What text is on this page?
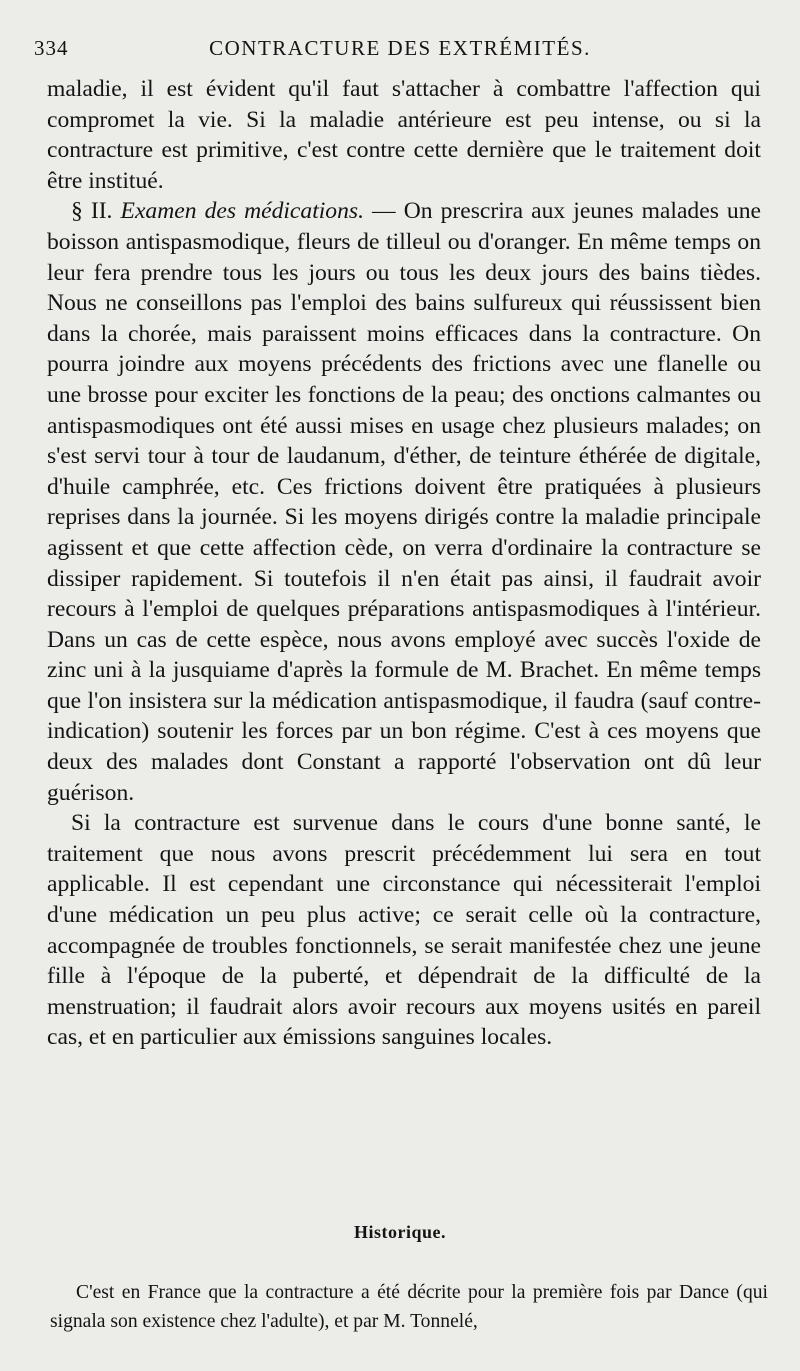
334	CONTRACTURE DES EXTRÉMITÉS.

maladie, il est évident qu'il faut s'attacher à combattre l'affection qui compromet la vie. Si la maladie antérieure est peu intense, ou si la contracture est primitive, c'est contre cette dernière que le traitement doit être institué.

§ II. Examen des médications. — On prescrira aux jeunes malades une boisson antispasmodique, fleurs de tilleul ou d'oranger. En même temps on leur fera prendre tous les jours ou tous les deux jours des bains tièdes. Nous ne conseillons pas l'emploi des bains sulfureux qui réussissent bien dans la chorée, mais paraissent moins efficaces dans la contracture. On pourra joindre aux moyens précédents des frictions avec une flanelle ou une brosse pour exciter les fonctions de la peau; des onctions calmantes ou antispasmodiques ont été aussi mises en usage chez plusieurs malades; on s'est servi tour à tour de laudanum, d'éther, de teinture éthérée de digitale, d'huile camphrée, etc. Ces frictions doivent être pratiquées à plusieurs reprises dans la journée. Si les moyens dirigés contre la maladie principale agissent et que cette affection cède, on verra d'ordinaire la contracture se dissiper rapidement. Si toutefois il n'en était pas ainsi, il faudrait avoir recours à l'emploi de quelques préparations antispasmodiques à l'intérieur. Dans un cas de cette espèce, nous avons employé avec succès l'oxide de zinc uni à la jusquiame d'après la formule de M. Brachet. En même temps que l'on insistera sur la médication antispasmodique, il faudra (sauf contre-indication) soutenir les forces par un bon régime. C'est à ces moyens que deux des malades dont Constant a rapporté l'observation ont dû leur guérison.

Si la contracture est survenue dans le cours d'une bonne santé, le traitement que nous avons prescrit précédemment lui sera en tout applicable. Il est cependant une circonstance qui nécessiterait l'emploi d'une médication un peu plus active; ce serait celle où la contracture, accompagnée de troubles fonctionnels, se serait manifestée chez une jeune fille à l'époque de la puberté, et dépendrait de la difficulté de la menstruation; il faudrait alors avoir recours aux moyens usités en pareil cas, et en particulier aux émissions sanguines locales.

Historique.

C'est en France que la contracture a été décrite pour la première fois par Dance (qui signala son existence chez l'adulte), et par M. Tonnelé,
